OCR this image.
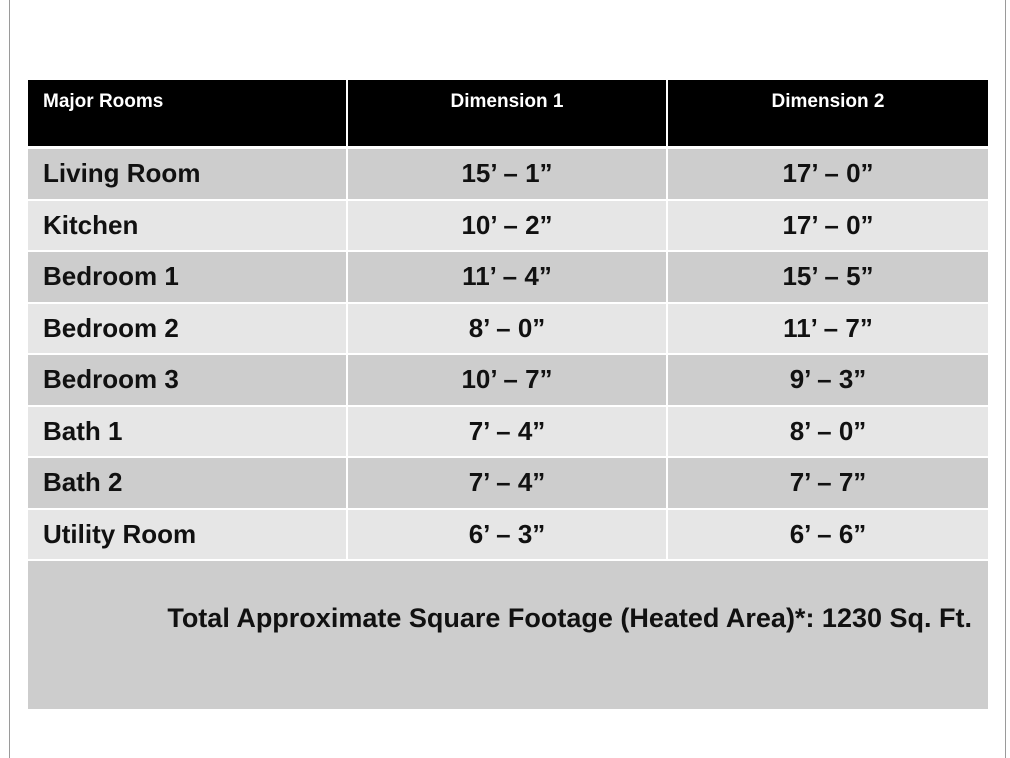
Major Rooms	Dimension 1	Dimension 2
Living Room	15’ – 1”	17’ – 0”
Kitchen	10’ – 2”	17’ – 0”
Bedroom 1	11’ – 4”	15’ – 5”
Bedroom 2	8’ – 0”	11’ – 7”
Bedroom 3	10’ – 7”	9’ – 3”
Bath 1	7’ – 4”	8’ – 0”
Bath 2	7’ – 4”	7’ – 7”
Utility Room	6’ – 3”	6’ – 6”
Total Approximate Square Footage (Heated Area)*: 1230 Sq. Ft.
